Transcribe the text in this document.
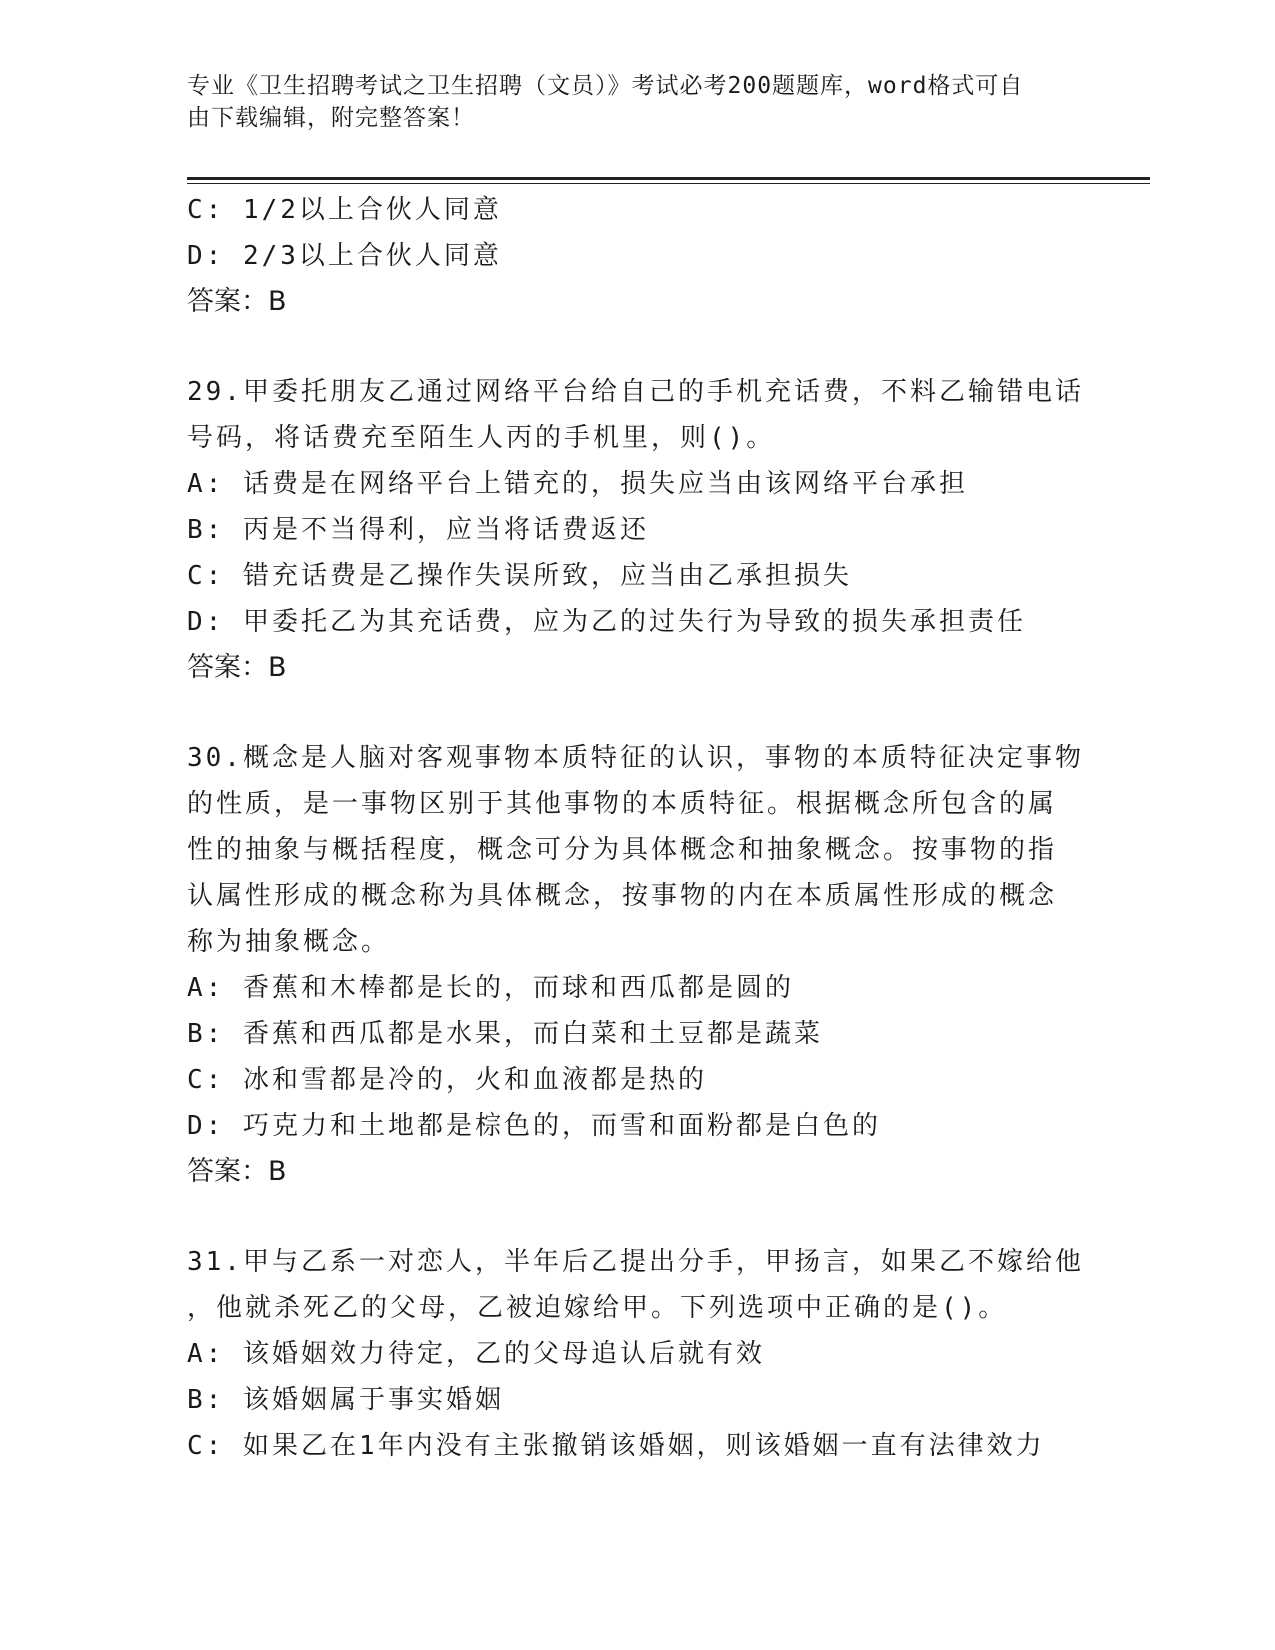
专业《卫生招聘考试之卫生招聘（文员）》考试必考200题题库，word格式可自
由下载编辑，附完整答案！

C: 1/2以上合伙人同意

D: 2/3以上合伙人同意

答案：B

29.甲委托朋友乙通过网络平台给自己的手机充话费，不料乙输错电话

号码，将话费充至陌生人丙的手机里，则()。

A: 话费是在网络平台上错充的，损失应当由该网络平台承担

B: 丙是不当得利，应当将话费返还

C: 错充话费是乙操作失误所致，应当由乙承担损失

D: 甲委托乙为其充话费，应为乙的过失行为导致的损失承担责任

答案：B

30.概念是人脑对客观事物本质特征的认识，事物的本质特征决定事物

的性质，是一事物区别于其他事物的本质特征。根据概念所包含的属

性的抽象与概括程度，概念可分为具体概念和抽象概念。按事物的指

认属性形成的概念称为具体概念，按事物的内在本质属性形成的概念

称为抽象概念。

A: 香蕉和木棒都是长的，而球和西瓜都是圆的

B: 香蕉和西瓜都是水果，而白菜和土豆都是蔬菜

C: 冰和雪都是冷的，火和血液都是热的

D: 巧克力和土地都是棕色的，而雪和面粉都是白色的

答案：B

31.甲与乙系一对恋人，半年后乙提出分手，甲扬言，如果乙不嫁给他

，他就杀死乙的父母，乙被迫嫁给甲。下列选项中正确的是()。

A: 该婚姻效力待定，乙的父母追认后就有效

B: 该婚姻属于事实婚姻

C: 如果乙在1年内没有主张撤销该婚姻，则该婚姻一直有法律效力
